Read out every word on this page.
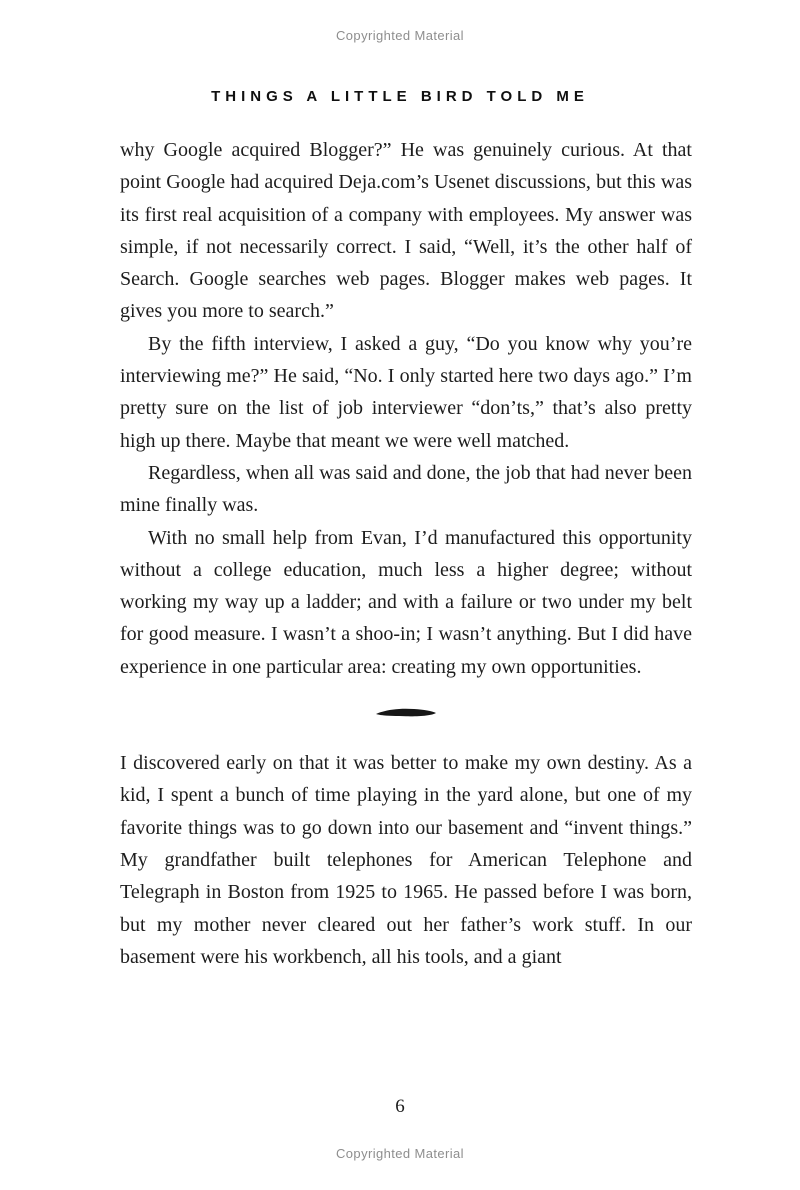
Copyrighted Material
THINGS A LITTLE BIRD TOLD ME

why Google acquired Blogger?” He was genuinely curious. At that point Google had acquired Deja.com’s Usenet discussions, but this was its first real acquisition of a company with employees. My answer was simple, if not necessarily correct. I said, “Well, it’s the other half of Search. Google searches web pages. Blogger makes web pages. It gives you more to search.”

By the fifth interview, I asked a guy, “Do you know why you’re interviewing me?” He said, “No. I only started here two days ago.” I’m pretty sure on the list of job interviewer “don’ts,” that’s also pretty high up there. Maybe that meant we were well matched.

Regardless, when all was said and done, the job that had never been mine finally was.

With no small help from Evan, I’d manufactured this opportunity without a college education, much less a higher degree; without working my way up a ladder; and with a failure or two under my belt for good measure. I wasn’t a shoo-in; I wasn’t anything. But I did have experience in one particular area: creating my own opportunities.

I discovered early on that it was better to make my own destiny. As a kid, I spent a bunch of time playing in the yard alone, but one of my favorite things was to go down into our basement and “invent things.” My grandfather built telephones for American Telephone and Telegraph in Boston from 1925 to 1965. He passed before I was born, but my mother never cleared out her father’s work stuff. In our basement were his workbench, all his tools, and a giant

6
Copyrighted Material
